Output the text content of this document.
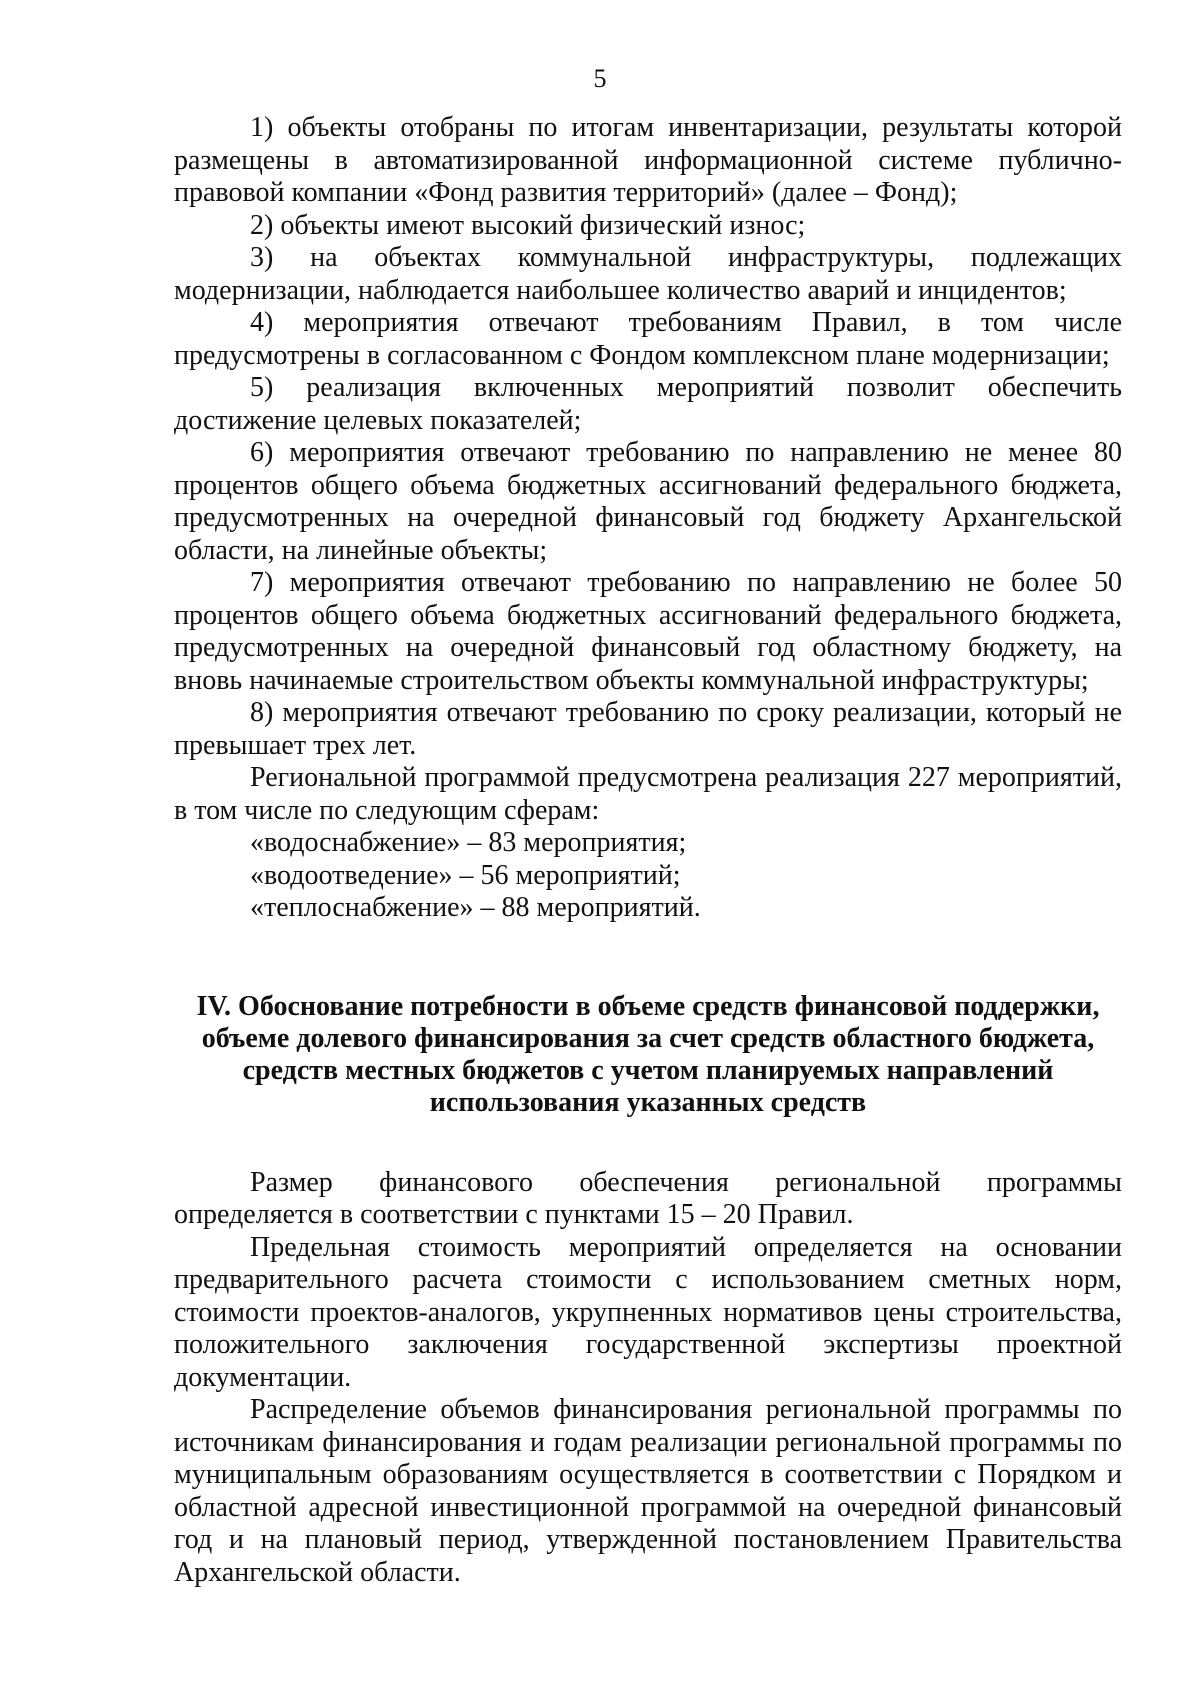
5

1) объекты отобраны по итогам инвентаризации, результаты которой размещены в автоматизированной информационной системе публично-правовой компании «Фонд развития территорий» (далее – Фонд);

2) объекты имеют высокий физический износ;

3) на объектах коммунальной инфраструктуры, подлежащих модернизации, наблюдается наибольшее количество аварий и инцидентов;

4) мероприятия отвечают требованиям Правил, в том числе предусмотрены в согласованном с Фондом комплексном плане модернизации;

5) реализация включенных мероприятий позволит обеспечить достижение целевых показателей;

6) мероприятия отвечают требованию по направлению не менее 80 процентов общего объема бюджетных ассигнований федерального бюджета, предусмотренных на очередной финансовый год бюджету Архангельской области, на линейные объекты;

7) мероприятия отвечают требованию по направлению не более 50 процентов общего объема бюджетных ассигнований федерального бюджета, предусмотренных на очередной финансовый год областному бюджету, на вновь начинаемые строительством объекты коммунальной инфраструктуры;

8) мероприятия отвечают требованию по сроку реализации, который не превышает трех лет.

Региональной программой предусмотрена реализация 227 мероприятий, в том числе по следующим сферам:

«водоснабжение» – 83 мероприятия;

«водоотведение» – 56 мероприятий;

«теплоснабжение» – 88 мероприятий.

IV. Обоснование потребности в объеме средств финансовой поддержки,
объеме долевого финансирования за счет средств областного бюджета,
средств местных бюджетов с учетом планируемых направлений
использования указанных средств

Размер финансового обеспечения региональной программы определяется в соответствии с пунктами 15 – 20 Правил.

Предельная стоимость мероприятий определяется на основании предварительного расчета стоимости с использованием сметных норм, стоимости проектов-аналогов, укрупненных нормативов цены строительства, положительного заключения государственной экспертизы проектной документации.

Распределение объемов финансирования региональной программы по источникам финансирования и годам реализации региональной программы по муниципальным образованиям осуществляется в соответствии с Порядком и областной адресной инвестиционной программой на очередной финансовый год и на плановый период, утвержденной постановлением Правительства Архангельской области.
